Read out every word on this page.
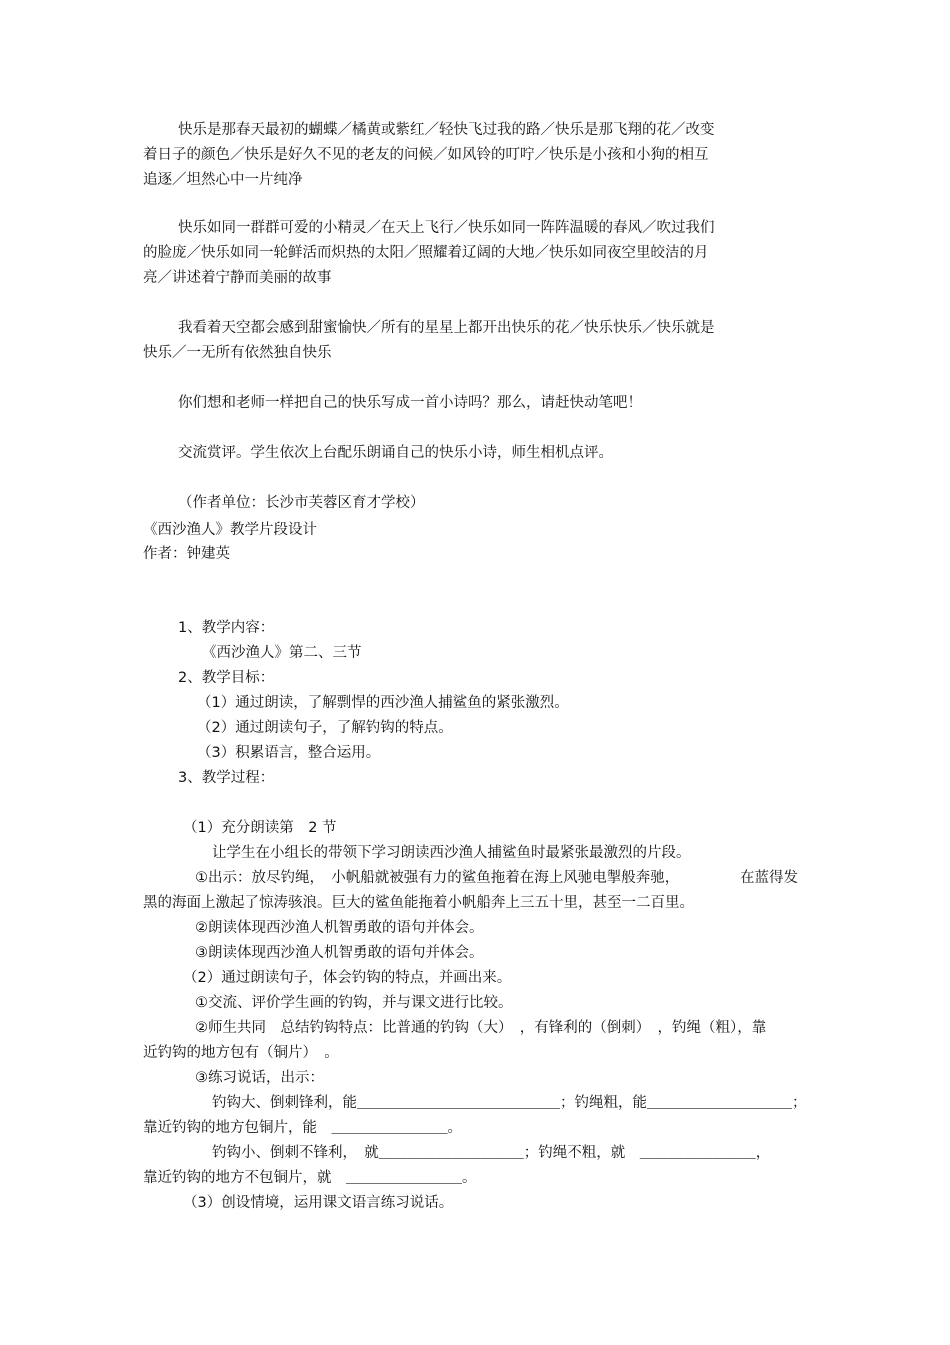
快乐是那春天最初的蝴蝶／橘黄或紫红／轻快飞过我的路／快乐是那飞翔的花／改变
着日子的颜色／快乐是好久不见的老友的问候／如风铃的叮咛／快乐是小孩和小狗的相互
追逐／坦然心中一片纯净
快乐如同一群群可爱的小精灵／在天上飞行／快乐如同一阵阵温暖的春风／吹过我们
的脸庞／快乐如同一轮鲜活而炽热的太阳／照耀着辽阔的大地／快乐如同夜空里皎洁的月
亮／讲述着宁静而美丽的故事
我看着天空都会感到甜蜜愉快／所有的星星上都开出快乐的花／快乐快乐／快乐就是
快乐／一无所有依然独自快乐
你们想和老师一样把自己的快乐写成一首小诗吗？那么，请赶快动笔吧！
交流赏评。学生依次上台配乐朗诵自己的快乐小诗，师生相机点评。
（作者单位：长沙市芙蓉区育才学校）
《西沙渔人》教学片段设计
作者：钟建英
1、教学内容：
《西沙渔人》第二、三节
2、教学目标：
（1）通过朗读，了解剽悍的西沙渔人捕鲨鱼的紧张激烈。
（2）通过朗读句子，了解钓钩的特点。
（3）积累语言，整合运用。
3、教学过程：
（1）充分朗读第　2 节
让学生在小组长的带领下学习朗读西沙渔人捕鲨鱼时最紧张最激烈的片段。
①出示：放尽钓绳，　小帆船就被强有力的鲨鱼拖着在海上风驰电掣般奔驰，	在蓝得发
黑的海面上激起了惊涛骇浪。巨大的鲨鱼能拖着小帆船奔上三五十里，甚至一二百里。
②朗读体现西沙渔人机智勇敢的语句并体会。
③朗读体现西沙渔人机智勇敢的语句并体会。
（2）通过朗读句子，体会钓钩的特点，并画出来。
①交流、评价学生画的钓钩，并与课文进行比较。
②师生共同　总结钓钩特点：比普通的钓钩（大）　，有锋利的（倒刺）　，钓绳（粗），靠
近钓钩的地方包有（铜片）　。
③练习说话，出示：
钓钩大、倒刺锋利，能＿＿＿＿＿＿＿＿＿＿＿＿＿＿；钓绳粗，能＿＿＿＿＿＿＿＿＿＿；
靠近钓钩的地方包铜片，能　＿＿＿＿＿＿＿＿。
钓钩小、倒刺不锋利，　就＿＿＿＿＿＿＿＿＿＿；钓绳不粗，就　＿＿＿＿＿＿＿＿，
靠近钓钩的地方不包铜片，就　＿＿＿＿＿＿＿＿。
（3）创设情境，运用课文语言练习说话。
